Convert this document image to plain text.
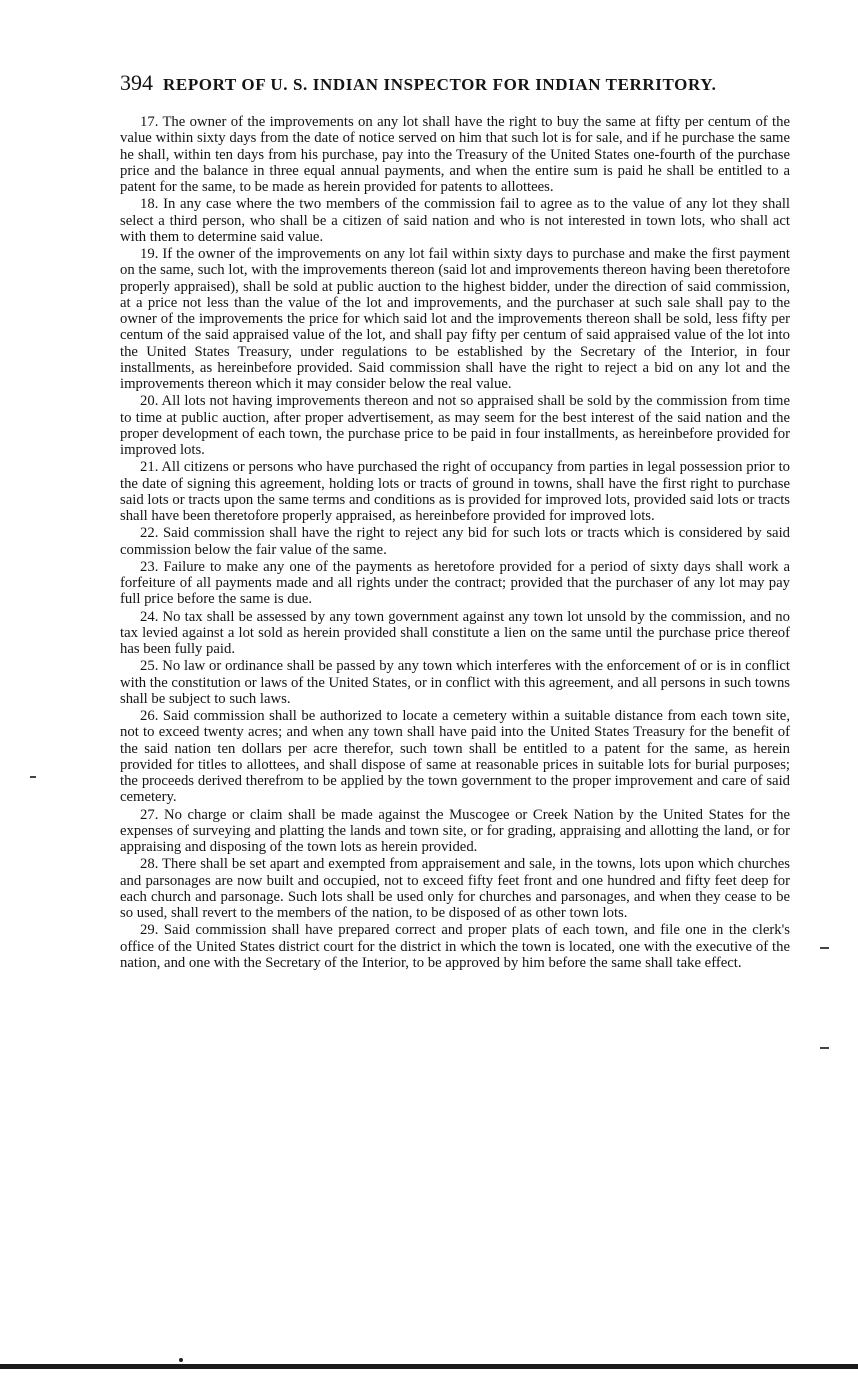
394 REPORT OF U. S. INDIAN INSPECTOR FOR INDIAN TERRITORY.

17. The owner of the improvements on any lot shall have the right to buy the same at fifty per centum of the value within sixty days from the date of notice served on him that such lot is for sale, and if he purchase the same he shall, within ten days from his purchase, pay into the Treasury of the United States one-fourth of the purchase price and the balance in three equal annual payments, and when the entire sum is paid he shall be entitled to a patent for the same, to be made as herein provided for patents to allottees.

18. In any case where the two members of the commission fail to agree as to the value of any lot they shall select a third person, who shall be a citizen of said nation and who is not interested in town lots, who shall act with them to determine said value.

19. If the owner of the improvements on any lot fail within sixty days to purchase and make the first payment on the same, such lot, with the improvements thereon (said lot and improvements thereon having been theretofore properly appraised), shall be sold at public auction to the highest bidder, under the direction of said commission, at a price not less than the value of the lot and improvements, and the purchaser at such sale shall pay to the owner of the improvements the price for which said lot and the improvements thereon shall be sold, less fifty per centum of the said appraised value of the lot, and shall pay fifty per centum of said appraised value of the lot into the United States Treasury, under regulations to be established by the Secretary of the Interior, in four installments, as hereinbefore provided. Said commission shall have the right to reject a bid on any lot and the improvements thereon which it may consider below the real value.

20. All lots not having improvements thereon and not so appraised shall be sold by the commission from time to time at public auction, after proper advertisement, as may seem for the best interest of the said nation and the proper development of each town, the purchase price to be paid in four installments, as hereinbefore provided for improved lots.

21. All citizens or persons who have purchased the right of occupancy from parties in legal possession prior to the date of signing this agreement, holding lots or tracts of ground in towns, shall have the first right to purchase said lots or tracts upon the same terms and conditions as is provided for improved lots, provided said lots or tracts shall have been theretofore properly appraised, as hereinbefore provided for improved lots.

22. Said commission shall have the right to reject any bid for such lots or tracts which is considered by said commission below the fair value of the same.

23. Failure to make any one of the payments as heretofore provided for a period of sixty days shall work a forfeiture of all payments made and all rights under the contract; provided that the purchaser of any lot may pay full price before the same is due.

24. No tax shall be assessed by any town government against any town lot unsold by the commission, and no tax levied against a lot sold as herein provided shall constitute a lien on the same until the purchase price thereof has been fully paid.

25. No law or ordinance shall be passed by any town which interferes with the enforcement of or is in conflict with the constitution or laws of the United States, or in conflict with this agreement, and all persons in such towns shall be subject to such laws.

26. Said commission shall be authorized to locate a cemetery within a suitable distance from each town site, not to exceed twenty acres; and when any town shall have paid into the United States Treasury for the benefit of the said nation ten dollars per acre therefor, such town shall be entitled to a patent for the same, as herein provided for titles to allottees, and shall dispose of same at reasonable prices in suitable lots for burial purposes; the proceeds derived therefrom to be applied by the town government to the proper improvement and care of said cemetery.

27. No charge or claim shall be made against the Muscogee or Creek Nation by the United States for the expenses of surveying and platting the lands and town site, or for grading, appraising and allotting the land, or for appraising and disposing of the town lots as herein provided.

28. There shall be set apart and exempted from appraisement and sale, in the towns, lots upon which churches and parsonages are now built and occupied, not to exceed fifty feet front and one hundred and fifty feet deep for each church and parsonage. Such lots shall be used only for churches and parsonages, and when they cease to be so used, shall revert to the members of the nation, to be disposed of as other town lots.

29. Said commission shall have prepared correct and proper plats of each town, and file one in the clerk's office of the United States district court for the district in which the town is located, one with the executive of the nation, and one with the Secretary of the Interior, to be approved by him before the same shall take effect.
